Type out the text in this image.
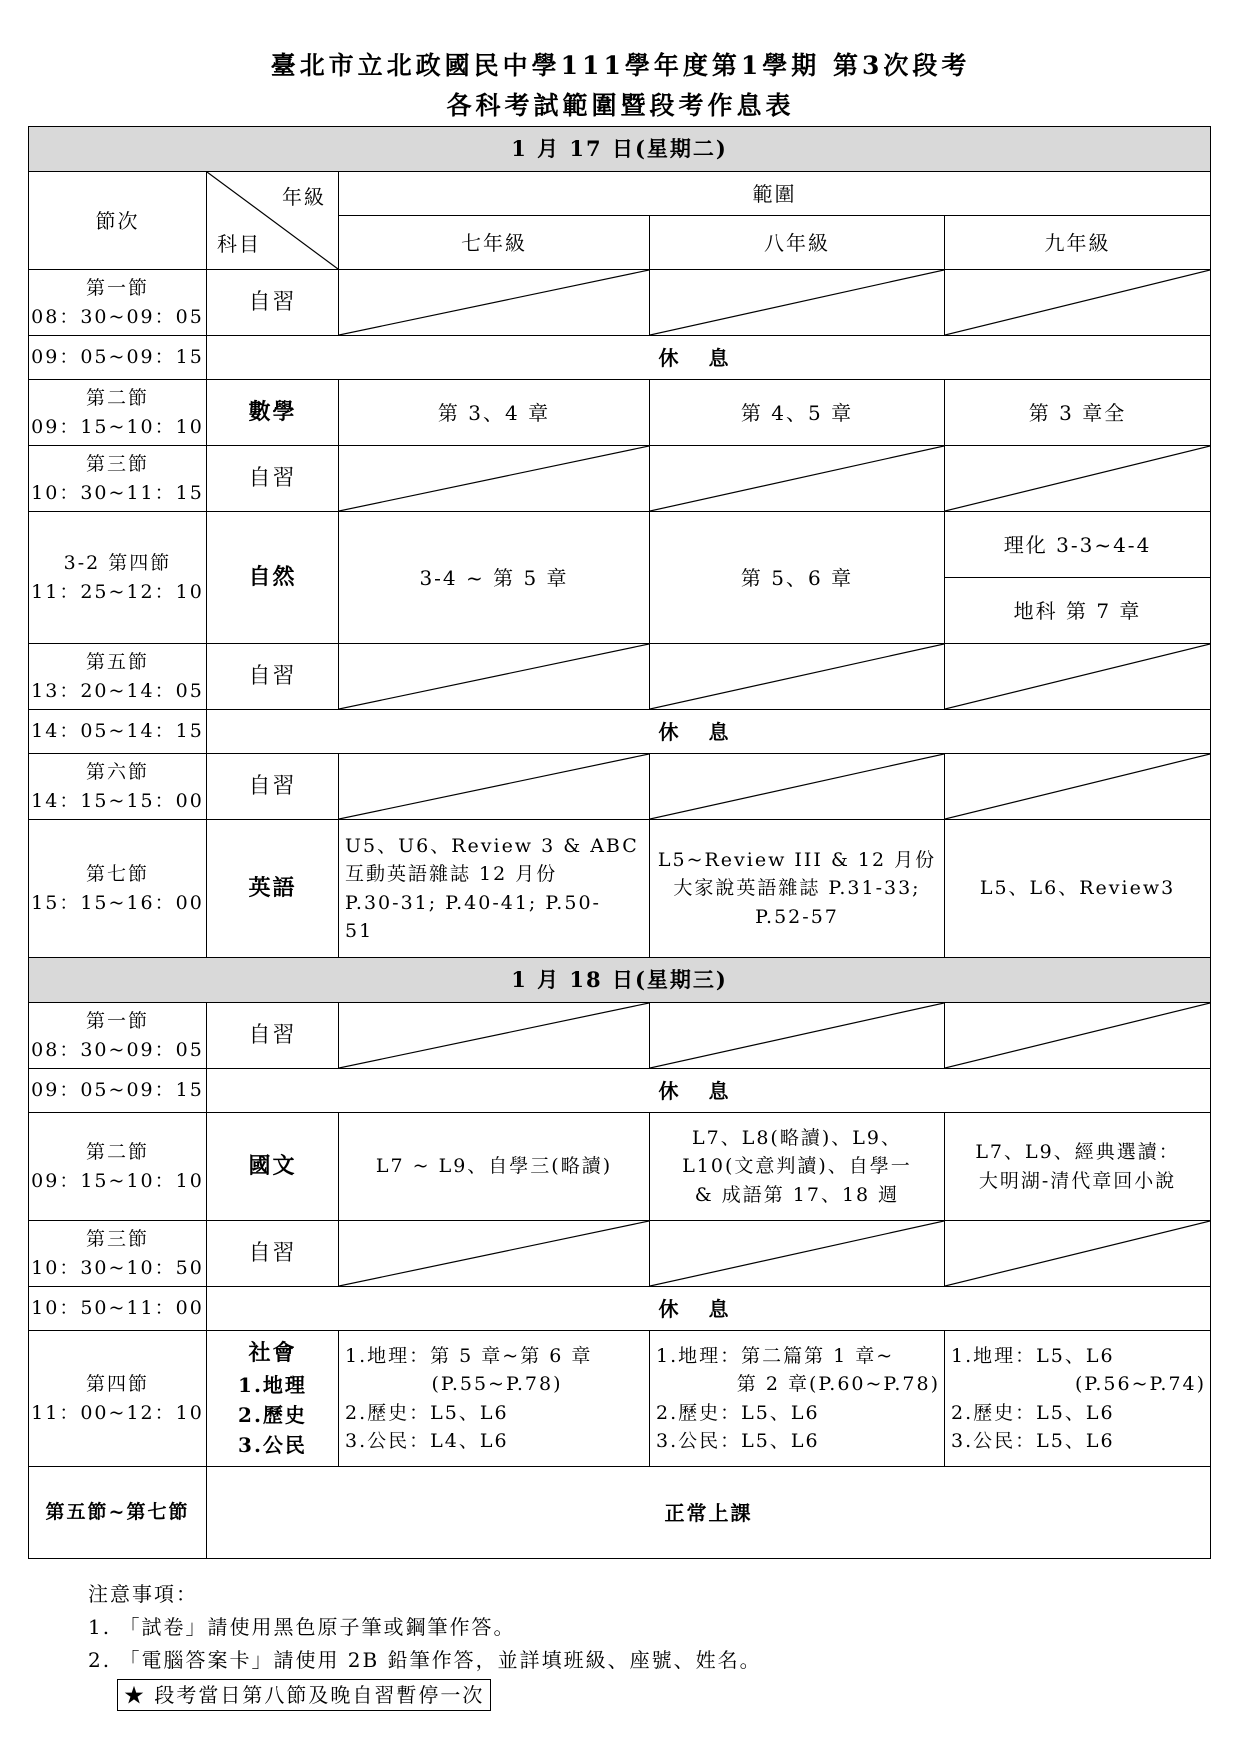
臺北市立北政國民中學111學年度第1學期 第3次段考
各科考試範圍暨段考作息表
1 月 17 日(星期二)				
節次	年級
科目	範圍		
		七年級	八年級	九年級
第一節
08：30~09：05	自習	

09：05~09：15	休息			
第二節
09：15~10：10	數學	第 3、4 章	第 4、5 章	第 3 章全
第三節
10：30~11：15	自習	

3-2 第四節
11：25~12：10	自然	3-4 ~ 第 5 章	第 5、6 章	理化 3-3~4-4
				地科 第 7 章
第五節
13：20~14：05	自習	

14：05~14：15	休息			
第六節
14：15~15：00	自習	

第七節
15：15~16：00	英語	U5、U6、Review 3 & ABC
互動英語雜誌 12 月份
P.30-31; P.40-41; P.50-
51	L5~Review III & 12 月份
大家說英語雜誌 P.31-33;
P.52-57	L5、L6、Review3
1 月 18 日(星期三)				
第一節
08：30~09：05	自習	

09：05~09：15	休息			
第二節
09：15~10：10	國文	L7 ~ L9、自學三(略讀)	L7、L8(略讀)、L9、
L10(文意判讀)、自學一
& 成語第 17、18 週	L7、L9、經典選讀：
大明湖-清代章回小說
第三節
10：30~10：50	自習	

10：50~11：00	休息			
第四節
11：00~12：10	社會
1.地理
2.歷史
3.公民	1.地理：第 5 章~第 6 章

(P.55~P.78)
2.歷史：L5、L6
3.公民：L4、L6	1.地理：第二篇第 1 章~

第 2 章(P.60~P.78)
2.歷史：L5、L6
3.公民：L5、L6	1.地理：L5、L6

(P.56~P.74)
2.歷史：L5、L6
3.公民：L5、L6
第五節~第七節	正常上課			
注意事項：
1. 「試卷」請使用黑色原子筆或鋼筆作答。
2. 「電腦答案卡」請使用 2B 鉛筆作答，並詳填班級、座號、姓名。
★ 段考當日第八節及晚自習暫停一次
